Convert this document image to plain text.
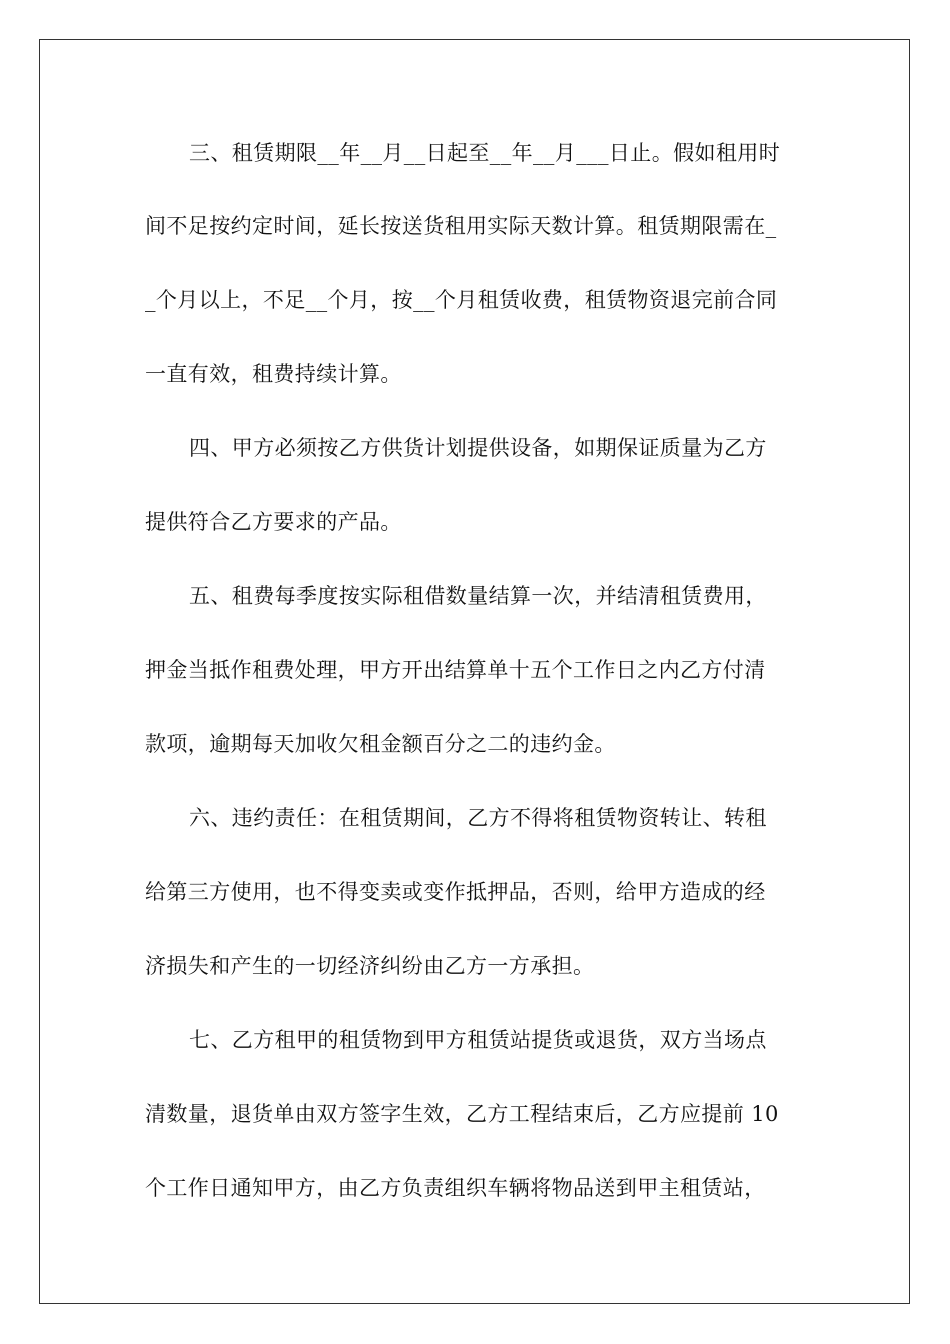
三、租赁期限__年__月__日起至__年__月___日止。假如租用时
间不足按约定时间，延长按送货租用实际天数计算。租赁期限需在_
_个月以上，不足__个月，按__个月租赁收费，租赁物资退完前合同
一直有效，租费持续计算。
四、甲方必须按乙方供货计划提供设备，如期保证质量为乙方
提供符合乙方要求的产品。
五、租费每季度按实际租借数量结算一次，并结清租赁费用，
押金当抵作租费处理，甲方开出结算单十五个工作日之内乙方付清
款项，逾期每天加收欠租金额百分之二的违约金。
六、违约责任：在租赁期间，乙方不得将租赁物资转让、转租
给第三方使用，也不得变卖或变作抵押品，否则，给甲方造成的经
济损失和产生的一切经济纠纷由乙方一方承担。
七、乙方租甲的租赁物到甲方租赁站提货或退货，双方当场点
清数量，退货单由双方签字生效，乙方工程结束后，乙方应提前 10
个工作日通知甲方，由乙方负责组织车辆将物品送到甲主租赁站，
